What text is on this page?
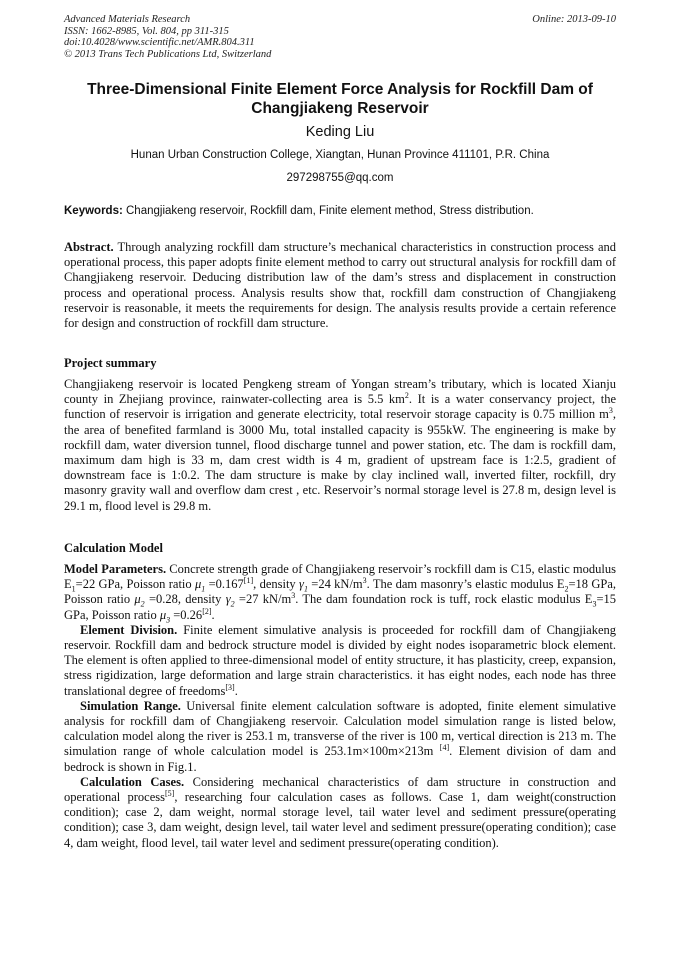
Advanced Materials Research
ISSN: 1662-8985, Vol. 804, pp 311-315
doi:10.4028/www.scientific.net/AMR.804.311
© 2013 Trans Tech Publications Ltd, Switzerland
Online: 2013-09-10
Three-Dimensional Finite Element Force Analysis for Rockfill Dam of Changjiakeng Reservoir
Keding Liu
Hunan Urban Construction College, Xiangtan, Hunan Province 411101, P.R. China
297298755@qq.com
Keywords: Changjiakeng reservoir, Rockfill dam, Finite element method, Stress distribution.
Abstract. Through analyzing rockfill dam structure’s mechanical characteristics in construction process and operational process, this paper adopts finite element method to carry out structural analysis for rockfill dam of Changjiakeng reservoir. Deducing distribution law of the dam’s stress and displacement in construction process and operational process. Analysis results show that, rockfill dam construction of Changjiakeng reservoir is reasonable, it meets the requirements for design. The analysis results provide a certain reference for design and construction of rockfill dam structure.
Project summary
Changjiakeng reservoir is located Pengkeng stream of Yongan stream’s tributary, which is located Xianju county in Zhejiang province, rainwater-collecting area is 5.5 $km^2$. It is a water conservancy project, the function of reservoir is irrigation and generate electricity, total reservoir storage capacity is 0.75 million $m^3$, the area of benefited farmland is 3000 Mu, total installed capacity is 955kW. The engineering is make by rockfill dam, water diversion tunnel, flood discharge tunnel and power station, etc. The dam is rockfill dam, maximum dam high is 33 m, dam crest width is 4 m, gradient of upstream face is 1:2.5, gradient of downstream face is 1:0.2. The dam structure is make by clay inclined wall, inverted filter, rockfill, dry masonry gravity wall and overflow dam crest , etc. Reservoir’s normal storage level is 27.8 m, design level is 29.1 m, flood level is 29.8 m.
Calculation Model

Model Parameters. Concrete strength grade of Changjiakeng reservoir’s rockfill dam is C15, elastic modulus $E_1=22$ GPa, Poisson ratio $\mu_1 =0.167[1]$, density $\gamma_1 =24$ $kN/m^3$. The dam masonry’s elastic modulus $E_2=18$ GPa, Poisson ratio $\mu_2 =0.28$, density $\gamma_2 =27$ $kN/m^3$. The dam foundation rock is tuff, rock elastic modulus $E_3=15$ GPa, Poisson ratio $\mu_3 =0.26[2]$.

Element Division. Finite element simulative analysis is proceeded for rockfill dam of Changjiakeng reservoir. Rockfill dam and bedrock structure model is divided by eight nodes isoparametric block element. The element is often applied to three-dimensional model of entity structure, it has plasticity, creep, expansion, stress rigidization, large deformation and large strain characteristics. it has eight nodes, each node has three translational degree of freedoms[3].

Simulation Range. Universal finite element calculation software is adopted, finite element simulative analysis for rockfill dam of Changjiakeng reservoir. Calculation model simulation range is listed below, calculation model along the river is 253.1 m, transverse of the river is 100 m, vertical direction is 213 m. The simulation range of whole calculation model is 253.1m×100m×213m [4]. Element division of dam and bedrock is shown in Fig.1.

Calculation Cases. Considering mechanical characteristics of dam structure in construction and operational process[5], researching four calculation cases as follows. Case 1, dam weight(construction condition); case 2, dam weight, normal storage level, tail water level and sediment pressure(operating condition); case 3, dam weight, design level, tail water level and sediment pressure(operating condition); case 4, dam weight, flood level, tail water level and sediment pressure(operating condition).
